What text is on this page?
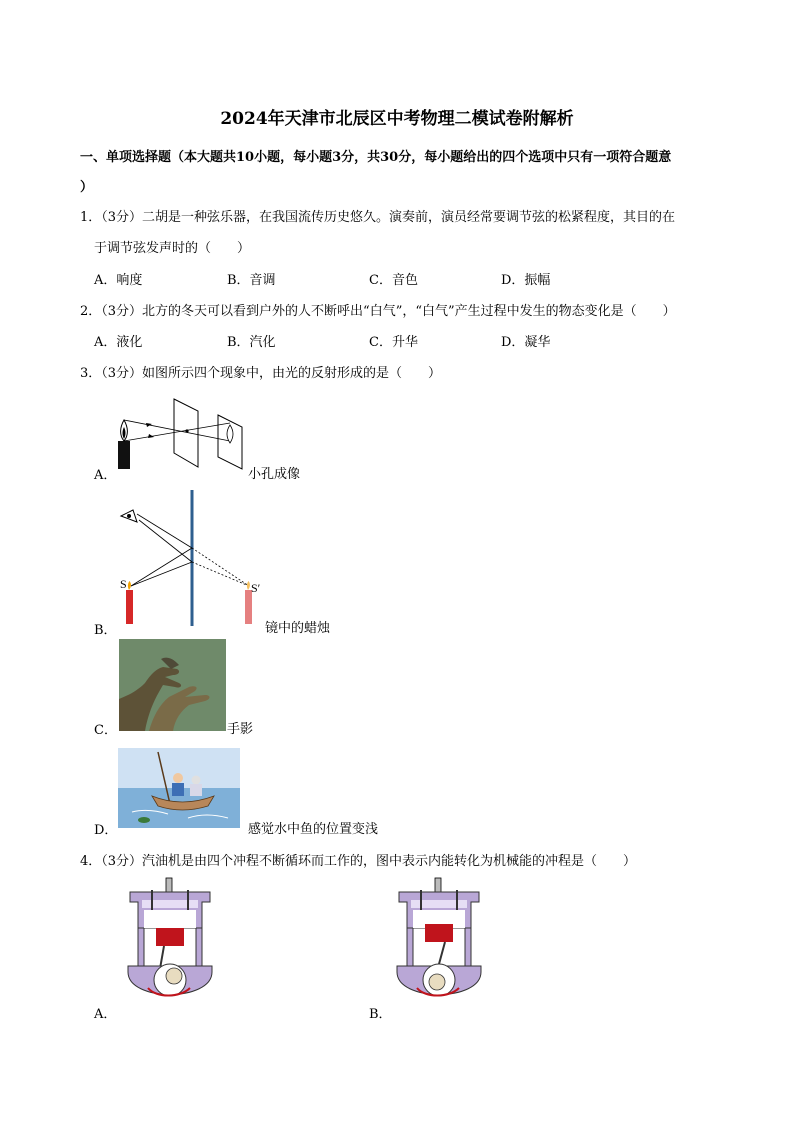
2024年天津市北辰区中考物理二模试卷附解析
一、单项选择题（本大题共10小题，每小题3分，共30分，每小题给出的四个选项中只有一项符合题意
）
1．（3分）二胡是一种弦乐器，在我国流传历史悠久。演奏前，演员经常要调节弦的松紧程度，其目的在
于调节弦发声时的（　　）
A．响度	B．音调	C．音色	D．振幅
2．（3分）北方的冬天可以看到户外的人不断呼出“白气”，“白气”产生过程中发生的物态变化是（　　）
A．液化	B．汽化	C．升华	D．凝华
3．（3分）如图所示四个现象中，由光的反射形成的是（　　）
A．	小孔成像
S	S′
B．	镜中的蜡烛
C．	手影
D．	感觉水中鱼的位置变浅
4．（3分）汽油机是由四个冲程不断循环而工作的，图中表示内能转化为机械能的冲程是（　　）
A．	B．
